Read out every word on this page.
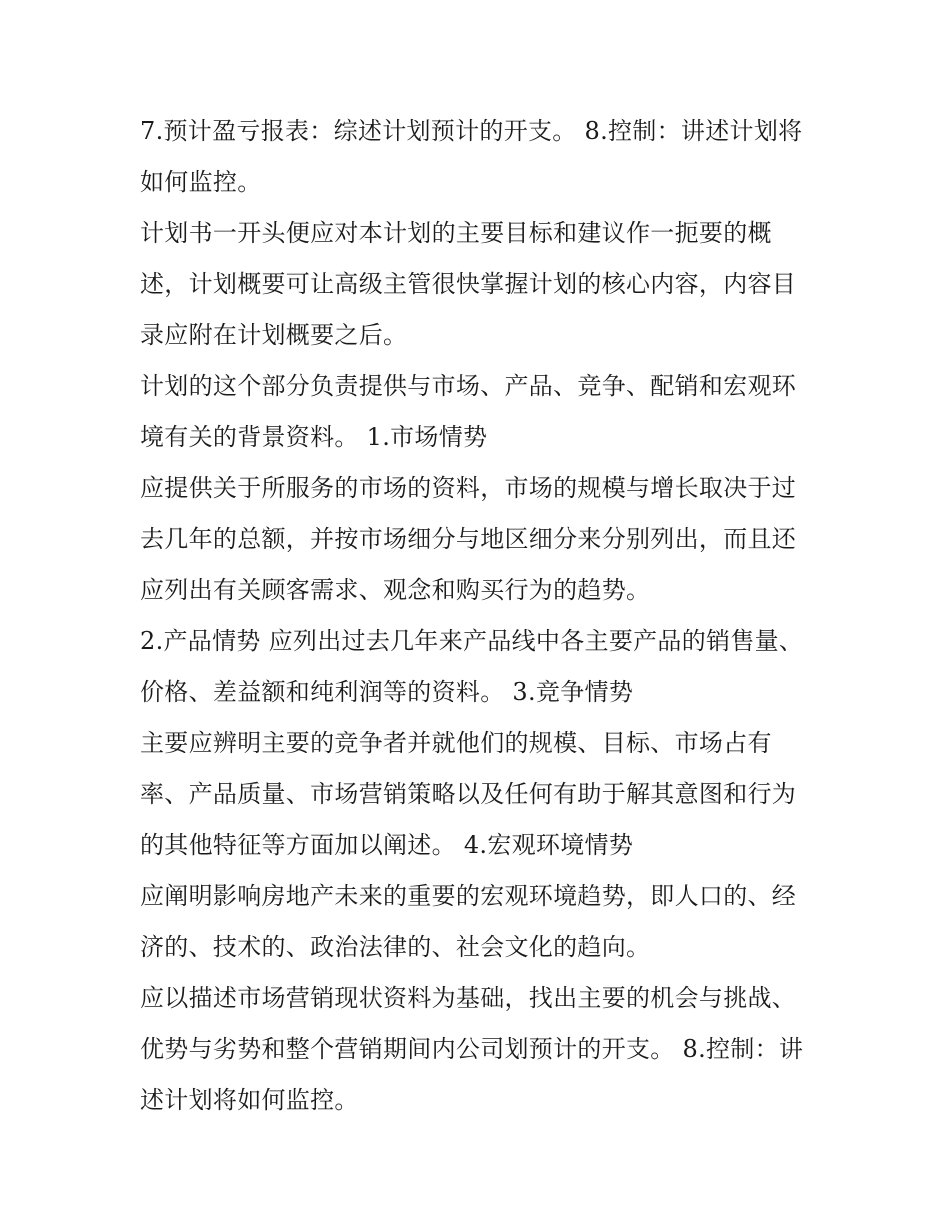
7.预计盈亏报表：综述计划预计的开支。 8.控制：讲述计划将
如何监控。
计划书一开头便应对本计划的主要目标和建议作一扼要的概
述，计划概要可让高级主管很快掌握计划的核心内容，内容目
录应附在计划概要之后。
计划的这个部分负责提供与市场、产品、竞争、配销和宏观环
境有关的背景资料。 1.市场情势
应提供关于所服务的市场的资料，市场的规模与增长取决于过
去几年的总额，并按市场细分与地区细分来分别列出，而且还
应列出有关顾客需求、观念和购买行为的趋势。
2.产品情势 应列出过去几年来产品线中各主要产品的销售量、
价格、差益额和纯利润等的资料。 3.竞争情势
主要应辨明主要的竞争者并就他们的规模、目标、市场占有
率、产品质量、市场营销策略以及任何有助于解其意图和行为
的其他特征等方面加以阐述。 4.宏观环境情势
应阐明影响房地产未来的重要的宏观环境趋势，即人口的、经
济的、技术的、政治法律的、社会文化的趋向。
应以描述市场营销现状资料为基础，找出主要的机会与挑战、
优势与劣势和整个营销期间内公司划预计的开支。 8.控制：讲
述计划将如何监控。
